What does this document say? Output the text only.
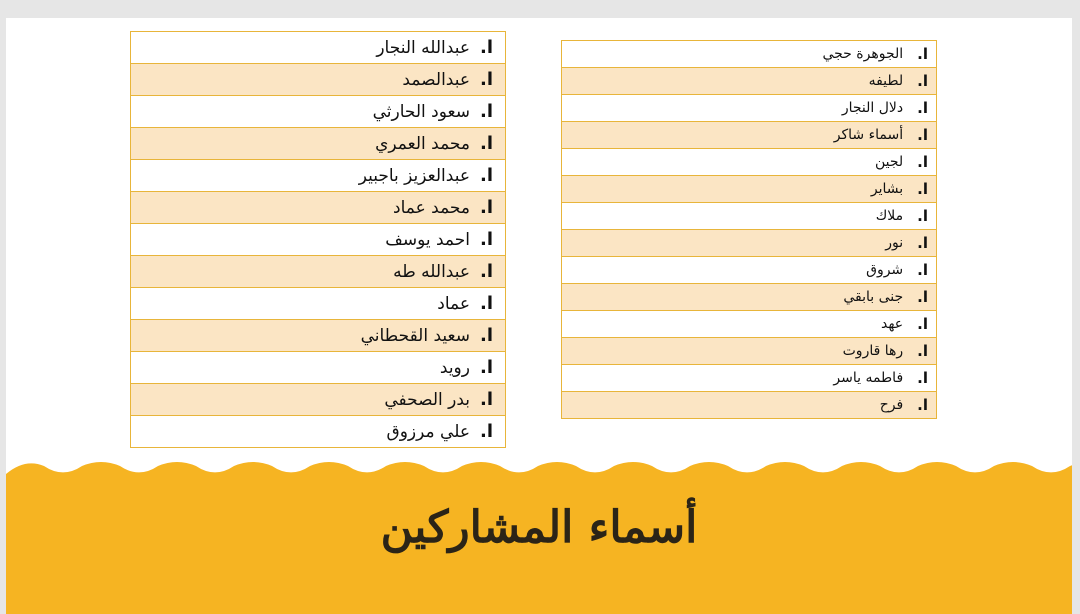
ا.
عبدالله النجار
ا.
عبدالصمد
ا.
سعود الحارثي
ا.
محمد العمري
ا.
عبدالعزيز باجبير
ا.
محمد عماد
ا.
احمد يوسف
ا.
عبدالله طه
ا.
عماد
ا.
سعيد القحطاني
ا.
رويد
ا.
بدر الصحفي
ا.
علي مرزوق
ا.
الجوهرة حجي
ا.
لطيفه
ا.
دلال النجار
ا.
أسماء شاكر
ا.
لجين
ا.
بشاير
ا.
ملاك
ا.
نور
ا.
شروق
ا.
جنى بابقي
ا.
عهد
ا.
رها قاروت
ا.
فاطمه ياسر
ا.
فرح
أسماء المشاركين
